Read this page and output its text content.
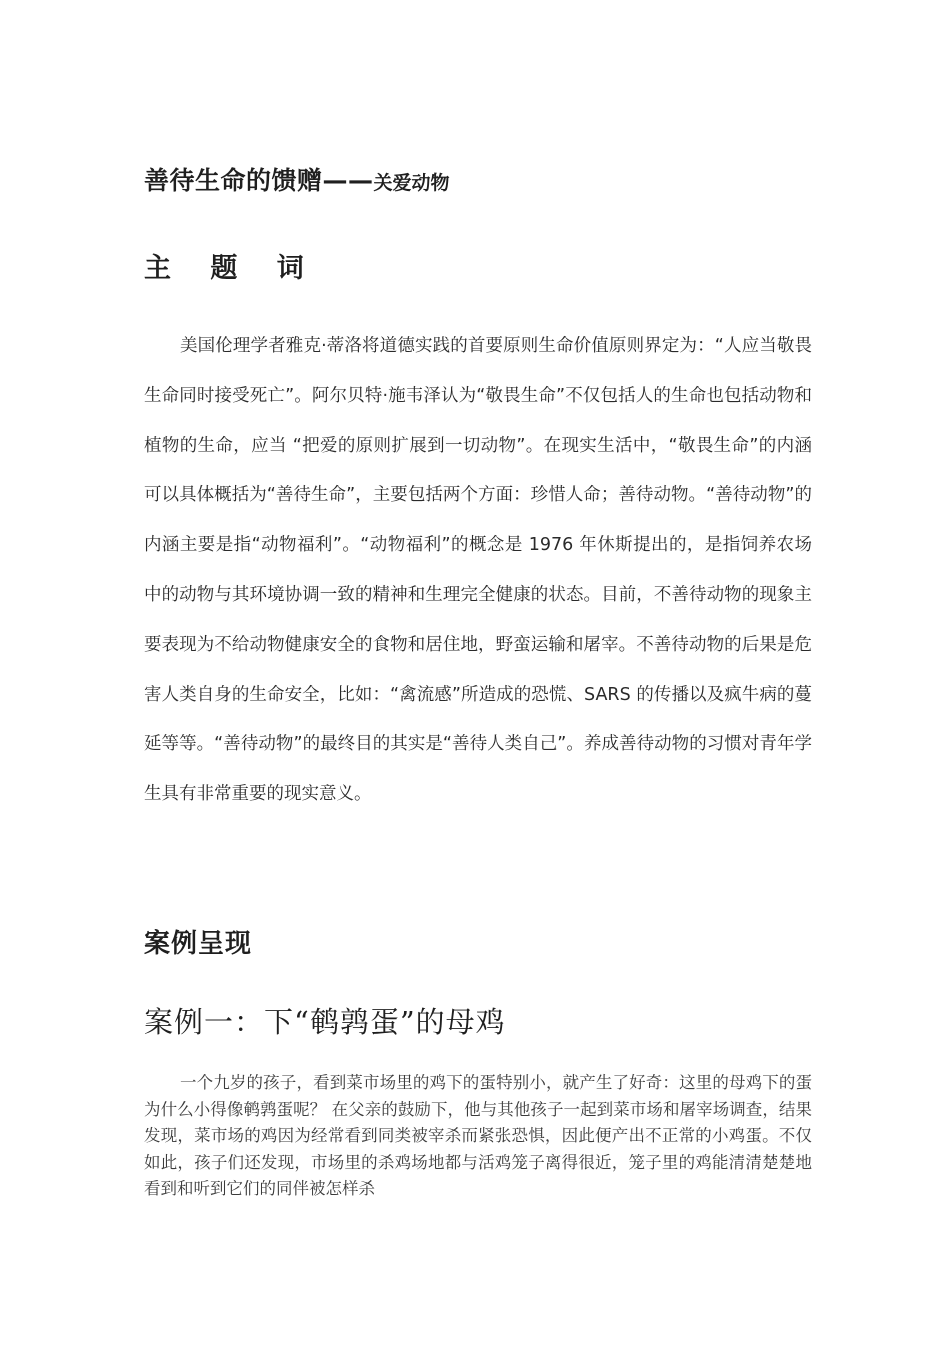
善待生命的馈赠——关爱动物
主 题 词

美国伦理学者雅克·蒂洛将道德实践的首要原则生命价值原则界定为：“人应当敬畏生命同时接受死亡”。阿尔贝特·施韦泽认为“敬畏生命”不仅包括人的生命也包括动物和植物的生命，应当 “把爱的原则扩展到一切动物”。在现实生活中，“敬畏生命”的内涵可以具体概括为“善待生命”，主要包括两个方面：珍惜人命；善待动物。“善待动物”的内涵主要是指“动物福利”。“动物福利”的概念是 1976 年休斯提出的，是指饲养农场中的动物与其环境协调一致的精神和生理完全健康的状态。目前，不善待动物的现象主要表现为不给动物健康安全的食物和居住地，野蛮运输和屠宰。不善待动物的后果是危害人类自身的生命安全，比如：“禽流感”所造成的恐慌、SARS 的传播以及疯牛病的蔓延等等。“善待动物”的最终目的其实是“善待人类自己”。养成善待动物的习惯对青年学生具有非常重要的现实意义。

案例呈现
案例一：下“鹌鹑蛋”的母鸡

一个九岁的孩子，看到菜市场里的鸡下的蛋特别小，就产生了好奇：这里的母鸡下的蛋为什么小得像鹌鹑蛋呢？ 在父亲的鼓励下，他与其他孩子一起到菜市场和屠宰场调查，结果发现，菜市场的鸡因为经常看到同类被宰杀而紧张恐惧，因此便产出不正常的小鸡蛋。不仅如此，孩子们还发现，市场里的杀鸡场地都与活鸡笼子离得很近，笼子里的鸡能清清楚楚地看到和听到它们的同伴被怎样杀
